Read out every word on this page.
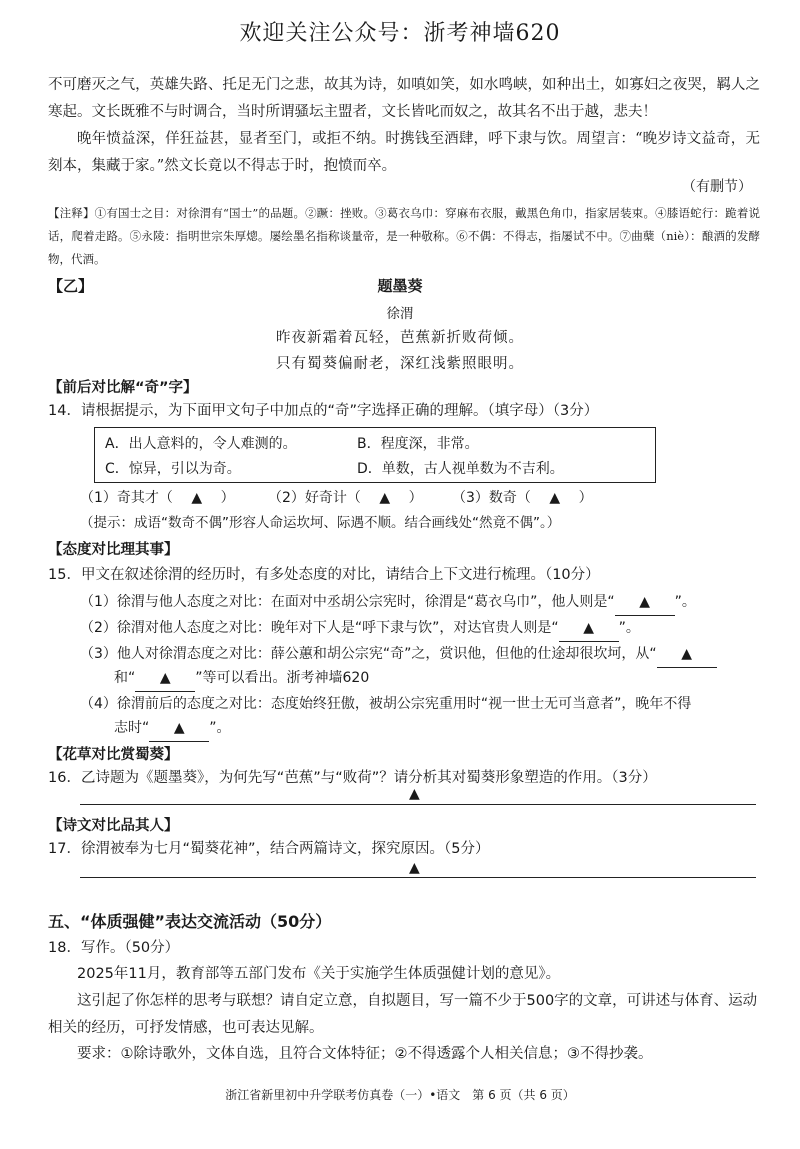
欢迎关注公众号：浙考神墙620
不可磨灭之气，英雄失路、托足无门之悲，故其为诗，如嗔如笑，如水鸣峡，如种出土，如寡妇之夜哭，羁人之寒起。文长既雅不与时调合，当时所谓骚坛主盟者，文长皆叱而奴之，故其名不出于越，悲夫！
晚年愤益深，佯狂益甚，显者至门，或拒不纳。时携钱至酒肆，呼下隶与饮。周望言：“晚岁诗文益奇，无刻本，集藏于家。”然文长竟以不得志于时，抱愤而卒。
（有删节）
【注释】①有国士之目：对徐渭有“国士”的品题。②蹶：挫败。③葛衣乌巾：穿麻布衣服，戴黑色角巾，指家居装束。④膝语蛇行：跪着说话，爬着走路。⑤永陵：指明世宗朱厚熜。屡绘墨名指称谈量帝，是一种敬称。⑥不偶：不得志，指屡试不中。⑦曲蘖（niè）：酿酒的发酵物，代酒。
【乙】	题墨葵
徐渭
昨夜新霜着瓦轻，芭蕉新折败荷倾。
只有蜀葵偏耐老，深红浅紫照眼明。
【前后对比解“奇”字】
14．请根据提示，为下面甲文句子中加点的“奇”字选择正确的理解。（填字母）（3分）
A．出人意料的，令人难测的。	B．程度深，非常。
C．惊异，引以为奇。	D．单数，古人视单数为不吉利。
（1）奇其才（ ▲ ） （2）好奇计（ ▲ ） （3）数奇（ ▲ ）
（提示：成语“数奇不偶”形容人命运坎坷、际遇不顺。结合画线处“然竟不偶”。）
【态度对比理其事】
15．甲文在叙述徐渭的经历时，有多处态度的对比，请结合上下文进行梳理。（10分）
（1）徐渭与他人态度之对比：在面对中丞胡公宗宪时，徐渭是“葛衣乌巾”，他人则是“ ▲ ”。
（2）徐渭对他人态度之对比：晚年对下人是“呼下隶与饮”，对达官贵人则是“ ▲ ”。
（3）他人对徐渭态度之对比：薛公蕙和胡公宗宪“奇”之，赏识他，但他的仕途却很坎坷，从“ ▲
和“ ▲ ”等可以看出。浙考神墙620
（4）徐渭前后的态度之对比：态度始终狂傲，被胡公宗宪重用时“视一世士无可当意者”，晚年不得
志时“ ▲ ”。
【花草对比赏蜀葵】
16．乙诗题为《题墨葵》，为何先写“芭蕉”与“败荷”？请分析其对蜀葵形象塑造的作用。（3分）
▲
【诗文对比品其人】
17．徐渭被奉为七月“蜀葵花神”，结合两篇诗文，探究原因。（5分）
▲
五、“体质强健”表达交流活动（50分）
18．写作。（50分）
2025年11月，教育部等五部门发布《关于实施学生体质强健计划的意见》。
这引起了你怎样的思考与联想？请自定立意，自拟题目，写一篇不少于500字的文章，可讲述与体育、运动相关的经历，可抒发情感，也可表达见解。
要求：①除诗歌外，文体自选，且符合文体特征；②不得透露个人相关信息；③不得抄袭。
浙江省新里初中升学联考仿真卷（一）•语文　第 6 页（共 6 页）
